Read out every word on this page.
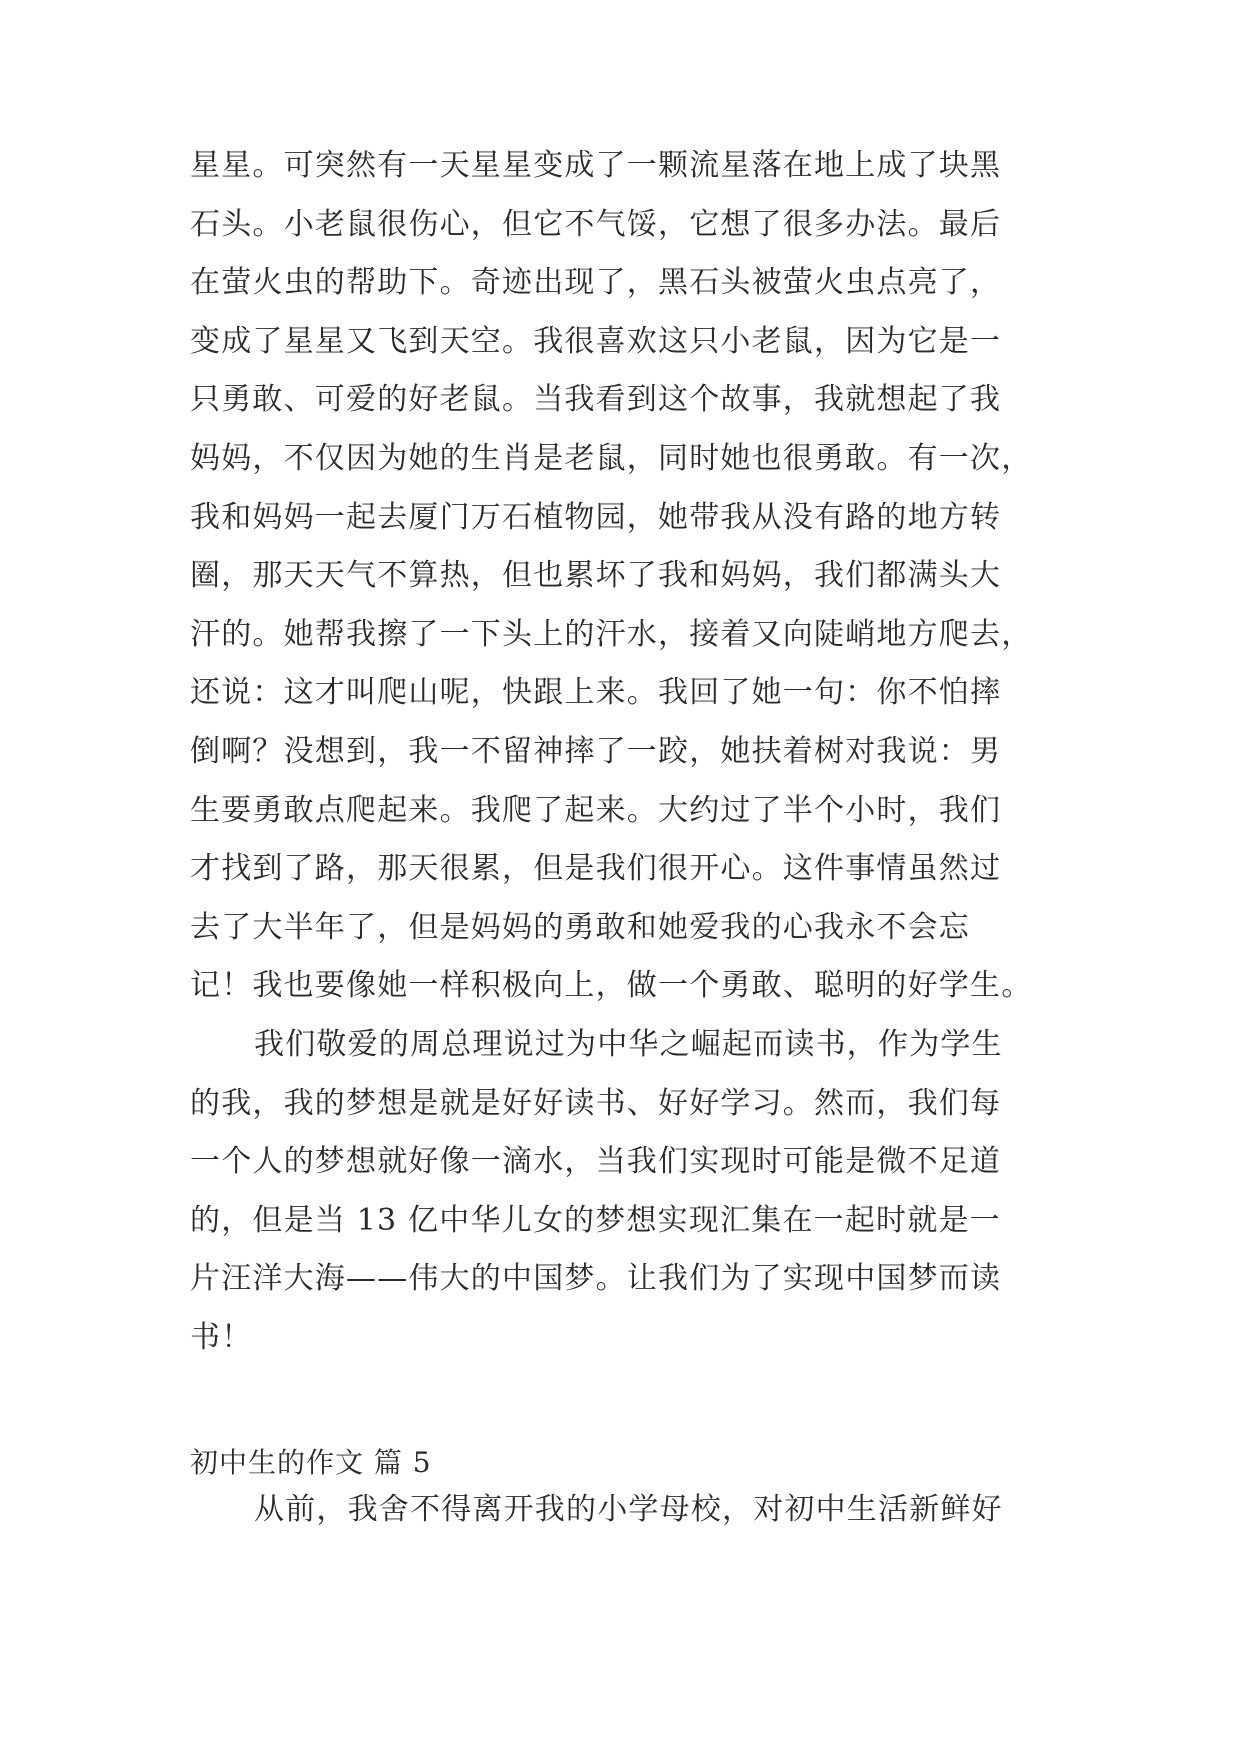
星星。可突然有一天星星变成了一颗流星落在地上成了块黑
石头。小老鼠很伤心，但它不气馁，它想了很多办法。最后
在萤火虫的帮助下。奇迹出现了，黑石头被萤火虫点亮了，
变成了星星又飞到天空。我很喜欢这只小老鼠，因为它是一
只勇敢、可爱的好老鼠。当我看到这个故事，我就想起了我
妈妈，不仅因为她的生肖是老鼠，同时她也很勇敢。有一次，
我和妈妈一起去厦门万石植物园，她带我从没有路的地方转
圈，那天天气不算热，但也累坏了我和妈妈，我们都满头大
汗的。她帮我擦了一下头上的汗水，接着又向陡峭地方爬去，
还说：这才叫爬山呢，快跟上来。我回了她一句：你不怕摔
倒啊？没想到，我一不留神摔了一跤，她扶着树对我说：男
生要勇敢点爬起来。我爬了起来。大约过了半个小时，我们
才找到了路，那天很累，但是我们很开心。这件事情虽然过
去了大半年了，但是妈妈的勇敢和她爱我的心我永不会忘
记！我也要像她一样积极向上，做一个勇敢、聪明的好学生。
我们敬爱的周总理说过为中华之崛起而读书，作为学生
的我，我的梦想是就是好好读书、好好学习。然而，我们每
一个人的梦想就好像一滴水，当我们实现时可能是微不足道
的，但是当 13 亿中华儿女的梦想实现汇集在一起时就是一
片汪洋大海——伟大的中国梦。让我们为了实现中国梦而读
书！
初中生的作文 篇 5
从前，我舍不得离开我的小学母校，对初中生活新鲜好
